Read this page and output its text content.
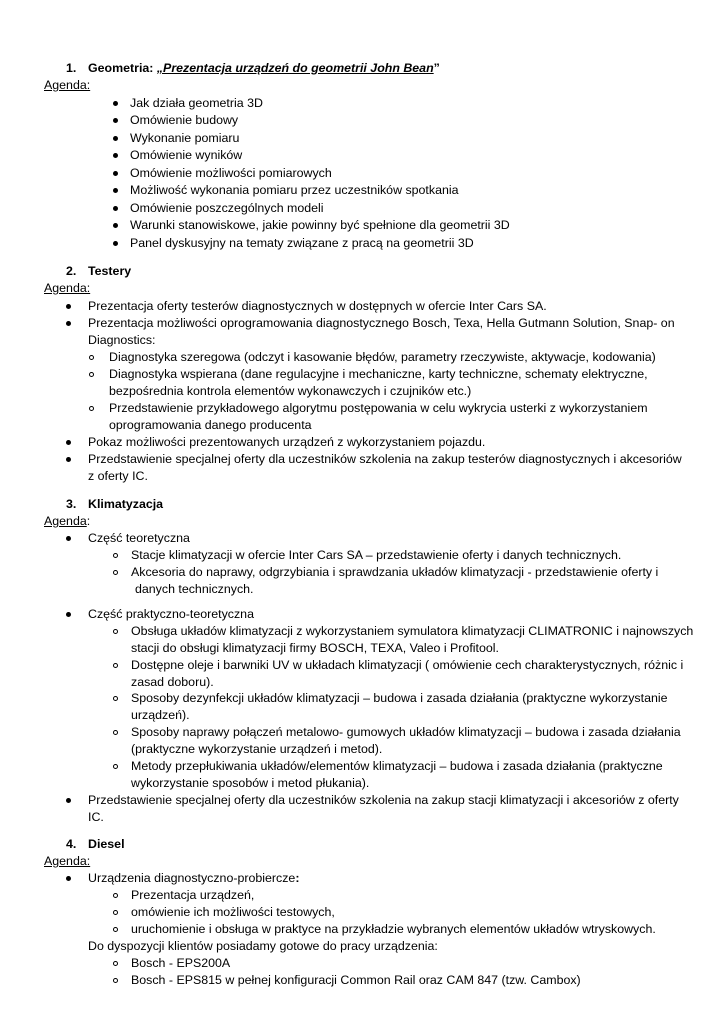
1. Geometria: „Prezentacja urządzeń do geometrii John Bean”
Agenda:
Jak działa geometria 3D
Omówienie budowy
Wykonanie pomiaru
Omówienie wyników
Omówienie możliwości pomiarowych
Możliwość wykonania pomiaru przez uczestników spotkania
Omówienie poszczególnych modeli
Warunki stanowiskowe, jakie powinny być spełnione dla geometrii 3D
Panel dyskusyjny na tematy związane z pracą na geometrii 3D
2. Testery
Agenda:
Prezentacja oferty testerów diagnostycznych w dostępnych w ofercie Inter Cars SA.
Prezentacja możliwości oprogramowania diagnostycznego Bosch, Texa, Hella Gutmann Solution, Snap- on
Diagnostics:
Diagnostyka szeregowa (odczyt i kasowanie błędów, parametry rzeczywiste, aktywacje, kodowania)
Diagnostyka wspierana (dane regulacyjne i mechaniczne, karty techniczne, schematy elektryczne,
bezpośrednia kontrola elementów wykonawczych i czujników etc.)
Przedstawienie przykładowego algorytmu postępowania w celu wykrycia usterki z wykorzystaniem
oprogramowania danego producenta
Pokaz możliwości prezentowanych urządzeń z wykorzystaniem pojazdu.
Przedstawienie specjalnej oferty dla uczestników szkolenia na zakup testerów diagnostycznych i akcesoriów
z oferty IC.
3. Klimatyzacja
Agenda:
Część teoretyczna
Stacje klimatyzacji w ofercie Inter Cars SA – przedstawienie oferty i danych technicznych.
Akcesoria do naprawy, odgrzybiania i sprawdzania układów klimatyzacji - przedstawienie oferty i
danych technicznych.
Część praktyczno-teoretyczna
Obsługa układów klimatyzacji z wykorzystaniem symulatora klimatyzacji CLIMATRONIC i najnowszych
stacji do obsługi klimatyzacji firmy BOSCH, TEXA, Valeo i Profitool.
Dostępne oleje i barwniki UV w układach klimatyzacji ( omówienie cech charakterystycznych, różnic i
zasad doboru).
Sposoby dezynfekcji układów klimatyzacji – budowa i zasada działania (praktyczne wykorzystanie
urządzeń).
Sposoby naprawy połączeń metalowo- gumowych układów klimatyzacji – budowa i zasada działania
(praktyczne wykorzystanie urządzeń i metod).
Metody przepłukiwania układów/elementów klimatyzacji – budowa i zasada działania (praktyczne
wykorzystanie sposobów i metod płukania).
Przedstawienie specjalnej oferty dla uczestników szkolenia na zakup stacji klimatyzacji i akcesoriów z oferty
IC.
4. Diesel
Agenda:
Urządzenia diagnostyczno-probiercze:
Prezentacja urządzeń,
omówienie ich możliwości testowych,
uruchomienie i obsługa w praktyce na przykładzie wybranych elementów układów wtryskowych.
Do dyspozycji klientów posiadamy gotowe do pracy urządzenia:
Bosch - EPS200A
Bosch - EPS815 w pełnej konfiguracji Common Rail oraz CAM 847 (tzw. Cambox)
